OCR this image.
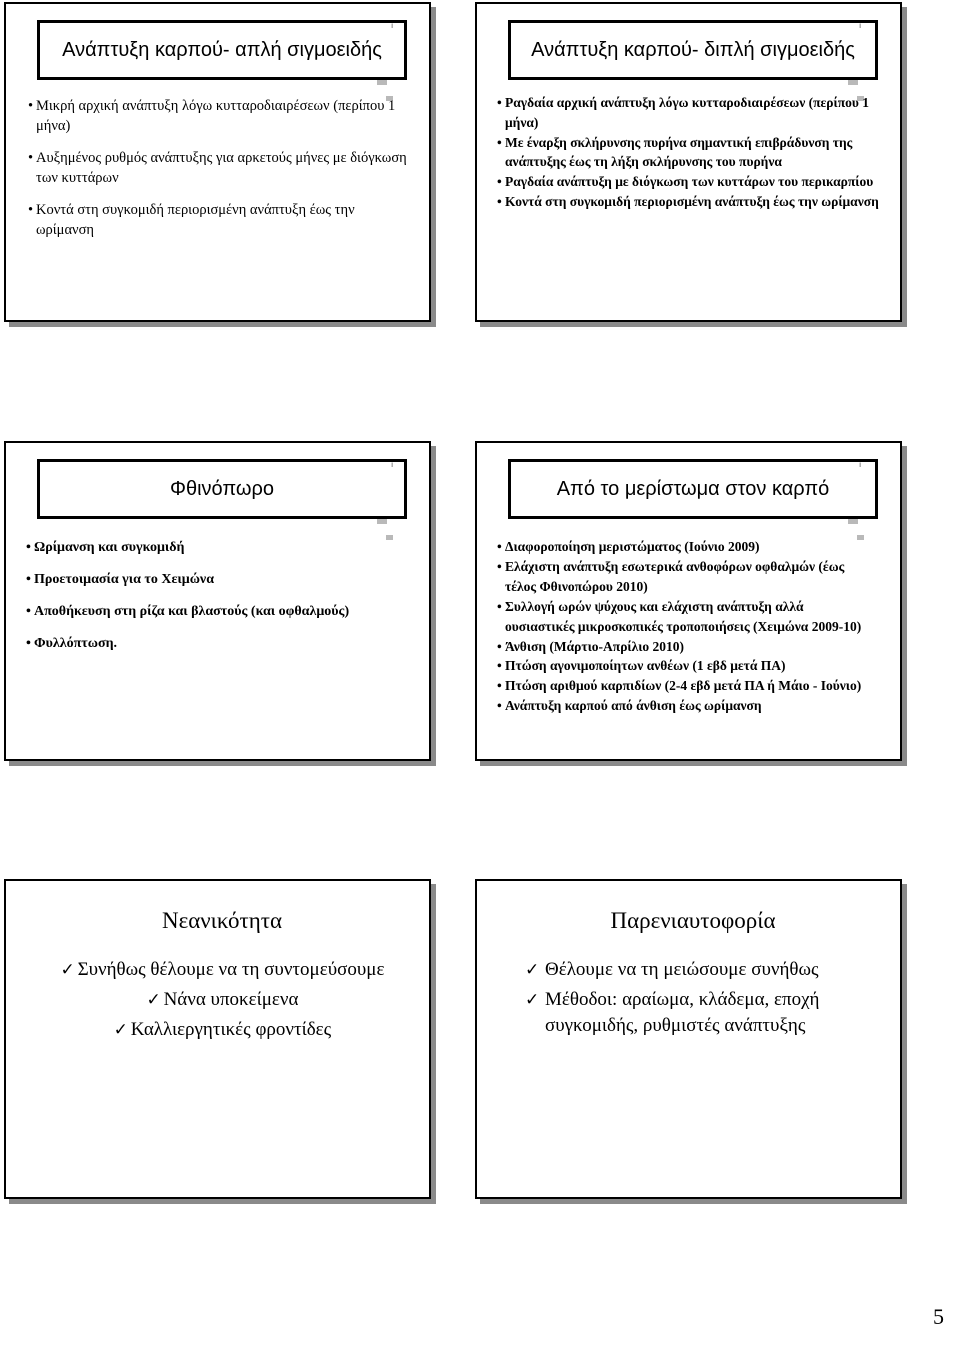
ı
Ανάπτυξη καρπού- απλή σιγμοειδής
• Μικρή αρχική ανάπτυξη λόγω κυτταροδιαιρέσεων (περίπου 1 μήνα)
• Αυξημένος ρυθμός ανάπτυξης για αρκετούς μήνες με διόγκωση των κυττάρων
• Κοντά στη συγκομιδή περιορισμένη ανάπτυξη έως την ωρίμανση
ı
Ανάπτυξη καρπού- διπλή σιγμοειδής
• Ραγδαία αρχική ανάπτυξη λόγω κυτταροδιαιρέσεων (περίπου 1 μήνα)
• Με έναρξη σκλήρυνσης πυρήνα σημαντική επιβράδυνση της ανάπτυξης έως τη λήξη σκλήρυνσης του πυρήνα
• Ραγδαία ανάπτυξη με διόγκωση των κυττάρων του περικαρπίου
• Κοντά στη συγκομιδή περιορισμένη ανάπτυξη έως την ωρίμανση
ı
Φθινόπωρο
• Ωρίμανση και συγκομιδή
• Προετοιμασία για το Χειμώνα
• Αποθήκευση στη ρίζα και βλαστούς (και οφθαλμούς)
• Φυλλόπτωση.
ı
Από το μερίστωμα στον καρπό
• Διαφοροποίηση μεριστώματος (Ιούνιο 2009)
• Ελάχιστη ανάπτυξη εσωτερικά ανθοφόρων οφθαλμών (έως τέλος Φθινοπώρου 2010)
• Συλλογή ωρών ψύχους και ελάχιστη ανάπτυξη αλλά ουσιαστικές μικροσκοπικές τροποποιήσεις (Χειμώνα 2009-10)
• Άνθιση (Μάρτιο-Απρίλιο 2010)
• Πτώση αγονιμοποίητων ανθέων (1 εβδ μετά ΠΑ)
• Πτώση αριθμού καρπιδίων (2-4 εβδ μετά ΠΑ ή Μάιο - Ιούνιο)
• Ανάπτυξη καρπού από άνθιση έως ωρίμανση
Νεανικότητα
✓ Συνήθως θέλουμε να τη συντομεύσουμε
✓ Νάνα υποκείμενα
✓ Καλλιεργητικές φροντίδες
Παρενιαυτοφορία
✓ Θέλουμε να τη μειώσουμε συνήθως
✓ Μέθοδοι: αραίωμα, κλάδεμα, εποχή συγκομιδής, ρυθμιστές ανάπτυξης
5
